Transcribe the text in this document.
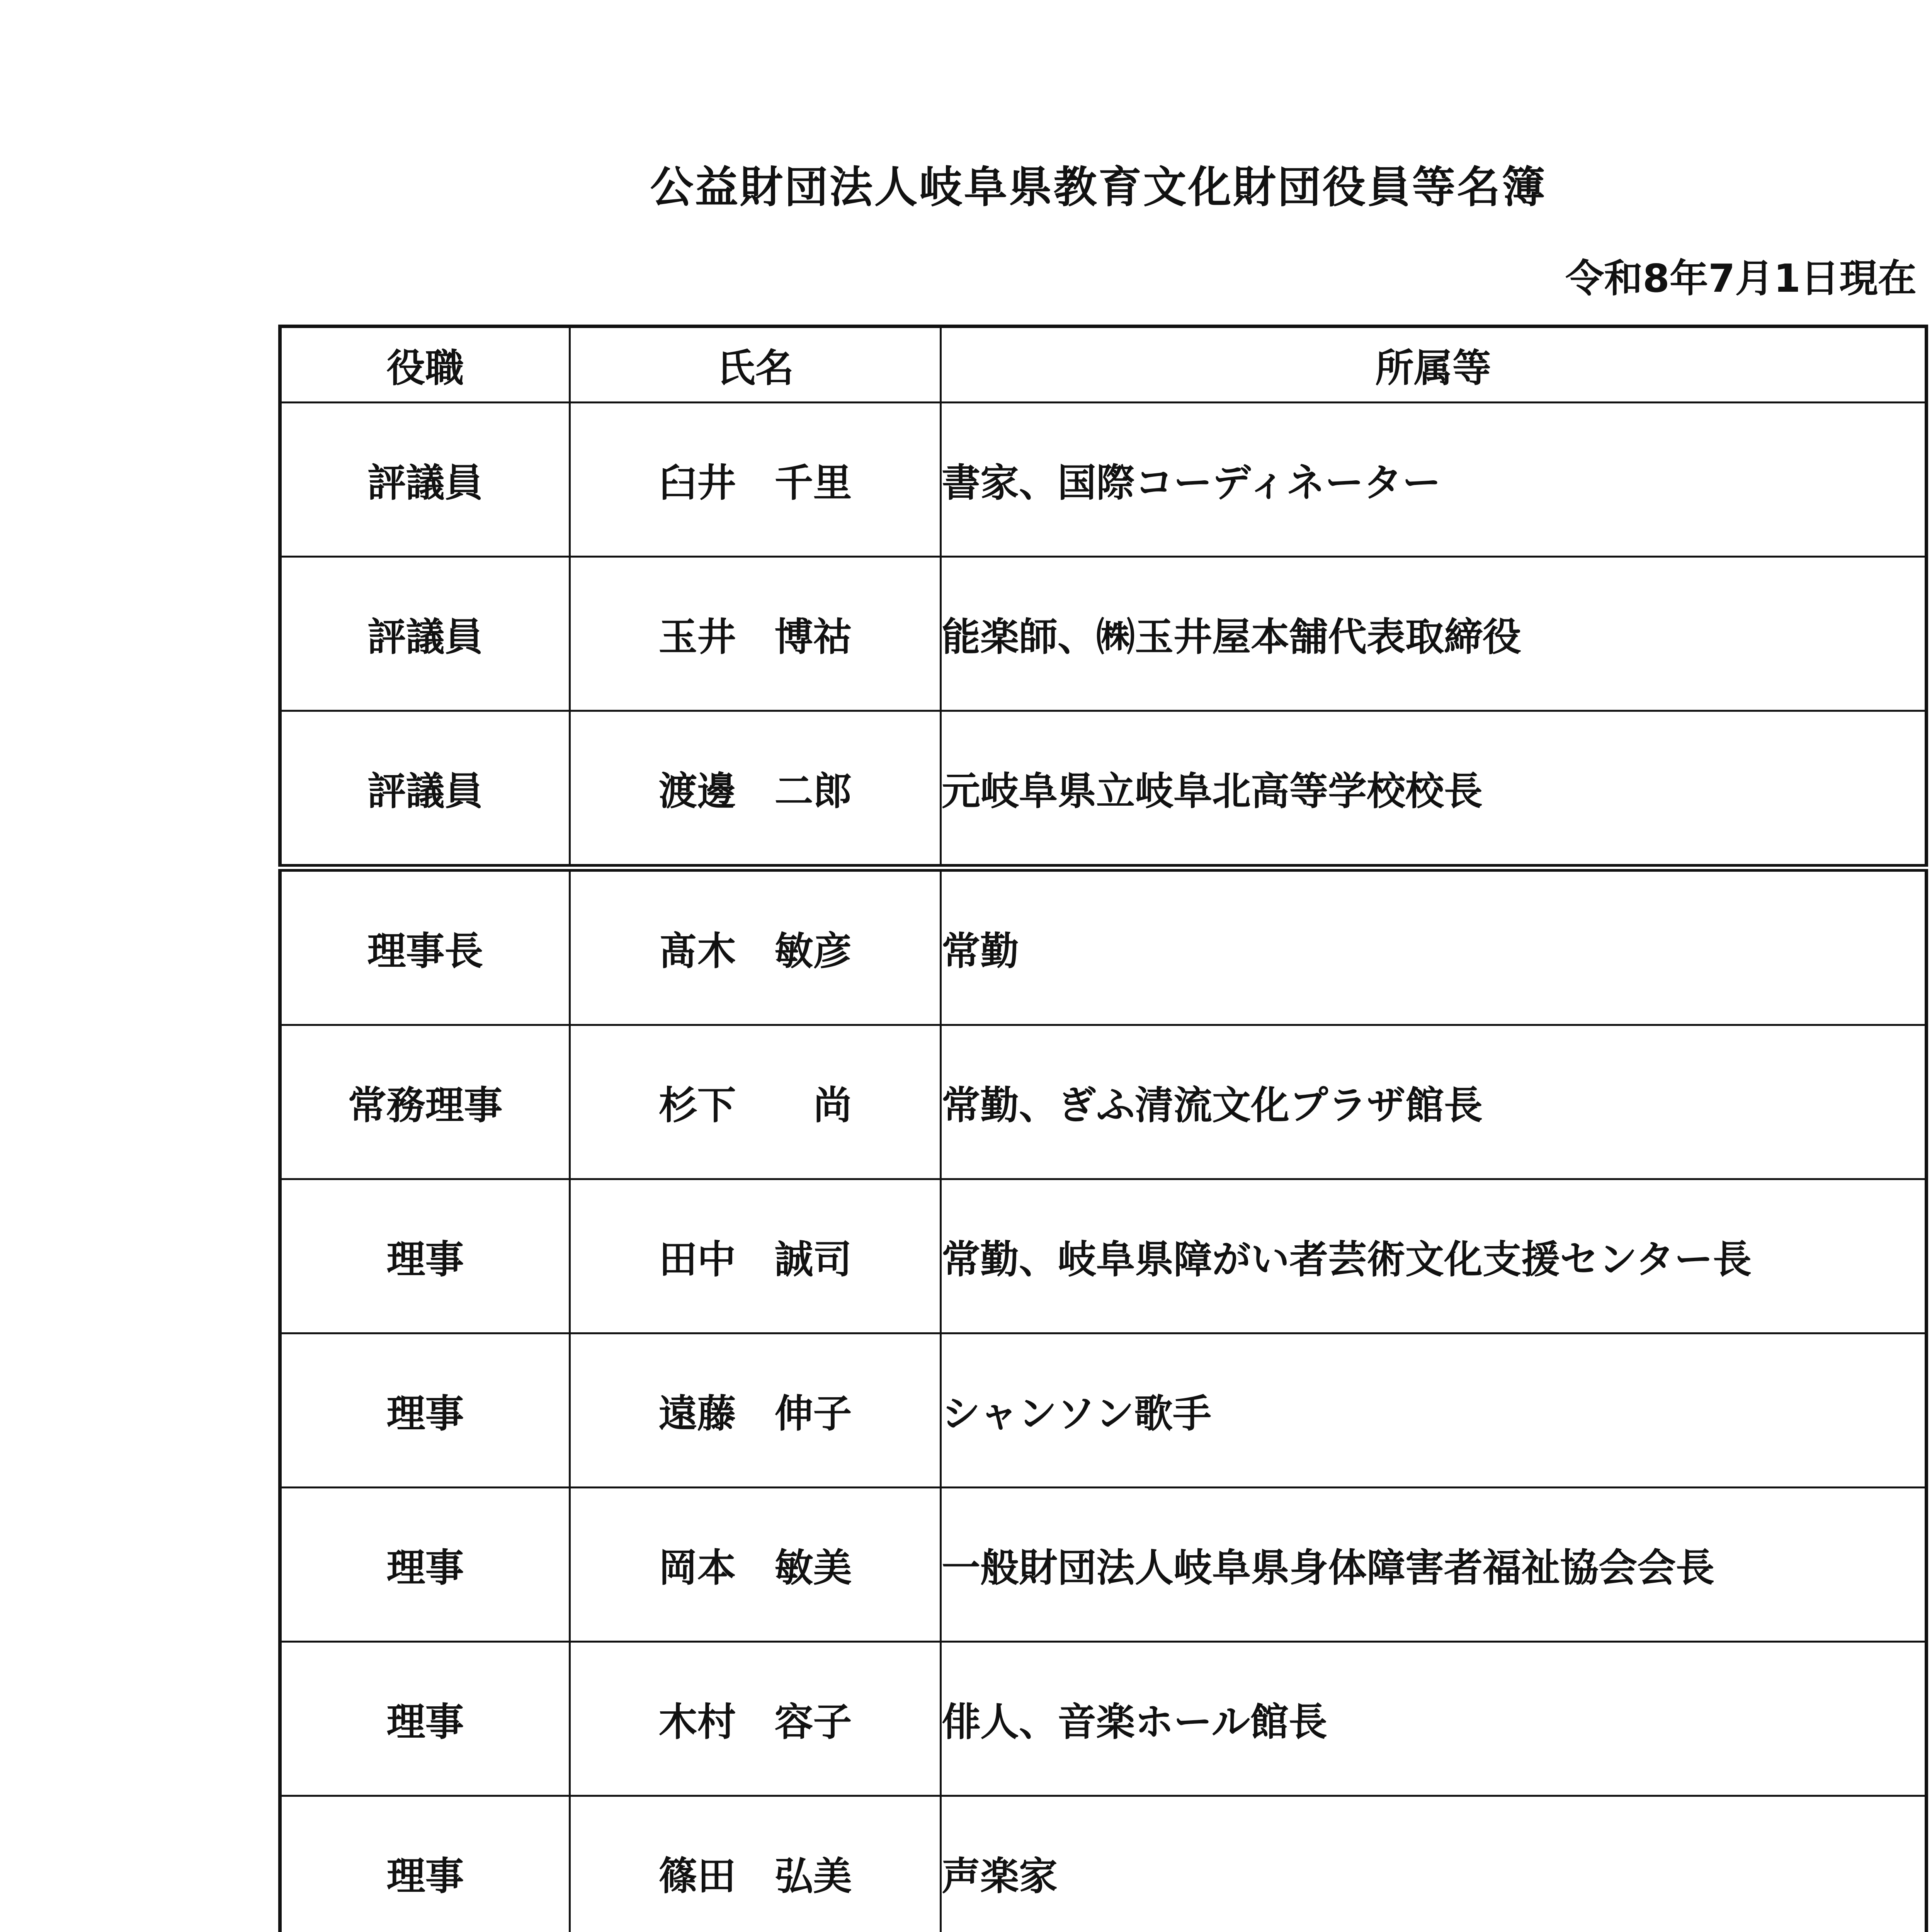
公益財団法人岐阜県教育文化財団役員等名簿
令和8年7月1日現在
役職	氏名	所属等
評議員	臼井　千里	書家、国際コーディネーター
評議員	玉井　博祜	能楽師、㈱玉井屋本舗代表取締役
評議員	渡邊　二郎	元岐阜県立岐阜北高等学校校長
理事長	髙木　敏彦	常勤
常務理事	杉下　　尚	常勤、ぎふ清流文化プラザ館長
理事	田中　誠司	常勤、岐阜県障がい者芸術文化支援センター長
理事	遠藤　伸子	シャンソン歌手
理事	岡本　敏美	一般財団法人岐阜県身体障害者福祉協会会長
理事	木村　容子	俳人、音楽ホール館長
理事	篠田　弘美	声楽家
